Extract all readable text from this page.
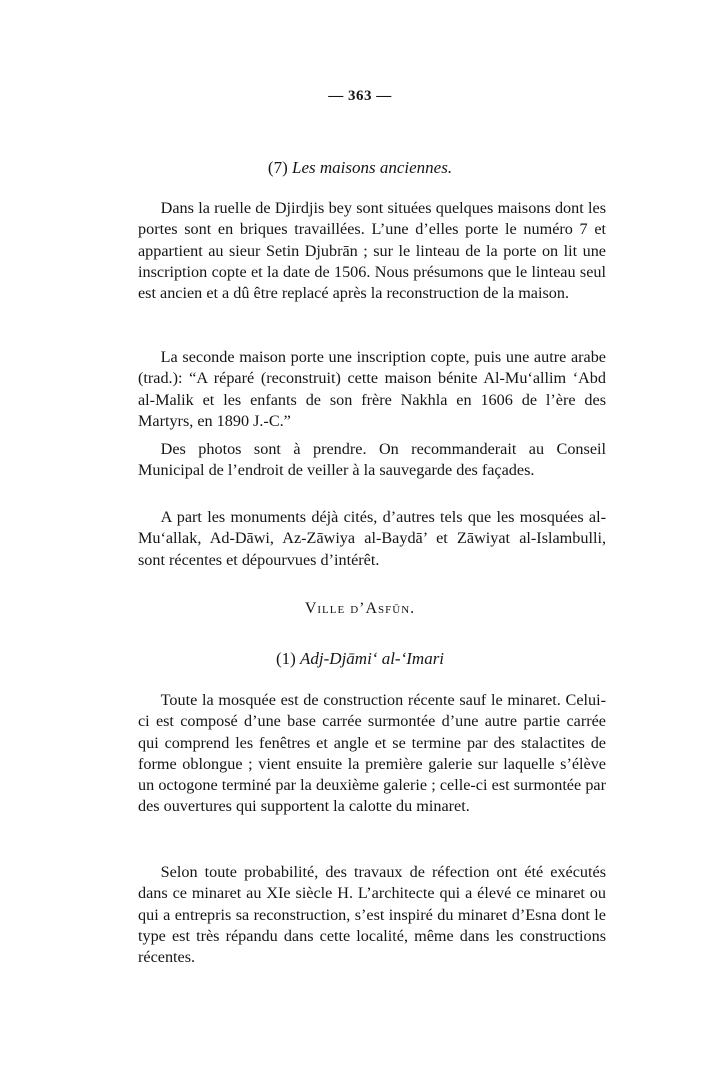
— 363 —
(7) Les maisons anciennes.

Dans la ruelle de Djirdjis bey sont situées quelques maisons dont les portes sont en briques travaillées. L’une d’elles porte le numéro 7 et appartient au sieur Setin Djubrān ; sur le linteau de la porte on lit une inscription copte et la date de 1506. Nous présumons que le linteau seul est ancien et a dû être replacé après la reconstruction de la maison.

La seconde maison porte une inscription copte, puis une autre arabe (trad.): “A réparé (reconstruit) cette maison bénite Al-Mu‘allim ‘Abd al-Malik et les enfants de son frère Nakhla en 1606 de l’ère des Martyrs, en 1890 J.-C.”

Des photos sont à prendre. On recommanderait au Conseil Municipal de l’endroit de veiller à la sauvegarde des façades.

A part les monuments déjà cités, d’autres tels que les mosquées al-Mu‘allak, Ad-Dāwi, Az-Zāwiya al-Baydā’ et Zāwiyat al-Islambulli, sont récentes et dépourvues d’intérêt.

Ville d’Asfūn.
(1) Adj-Djāmi‘ al-‘Imari

Toute la mosquée est de construction récente sauf le minaret. Celui-ci est composé d’une base carrée surmontée d’une autre partie carrée qui comprend les fenêtres et angle et se termine par des stalactites de forme oblongue ; vient ensuite la première galerie sur laquelle s’élève un octogone terminé par la deuxième galerie ; celle-ci est surmontée par des ouvertures qui supportent la calotte du minaret.

Selon toute probabilité, des travaux de réfection ont été exécutés dans ce minaret au XIe siècle H. L’architecte qui a élevé ce minaret ou qui a entrepris sa reconstruction, s’est inspiré du minaret d’Esna dont le type est très répandu dans cette localité, même dans les constructions récentes.
